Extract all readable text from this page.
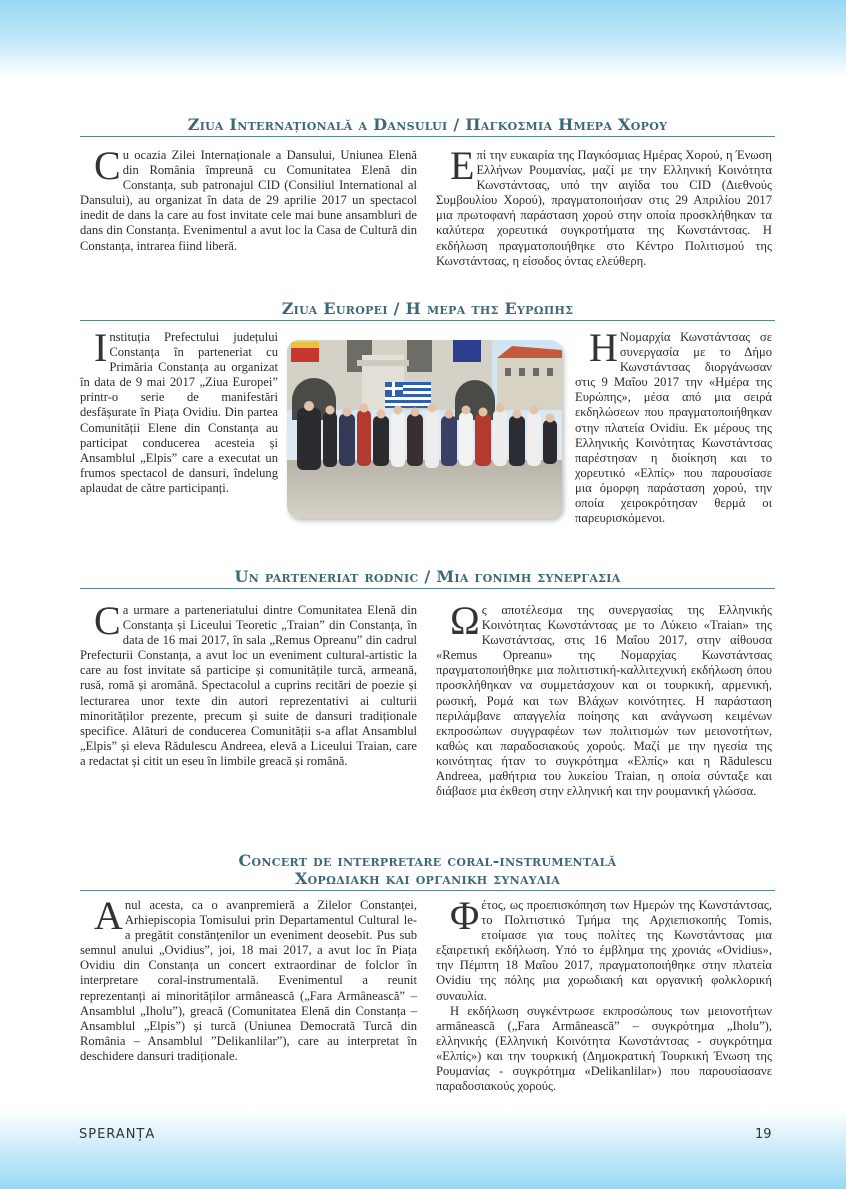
Ziua Internațională a Dansului / Παγκοσμια Ημερα Χορου

Cu ocazia Zilei Internaționale a Dansului, Uniunea Elenă din România împreună cu Comunitatea Elenă din Constanța, sub patronajul CID (Consiliul International al Dansului), au organizat în data de 29 aprilie 2017 un spectacol inedit de dans la care au fost invitate cele mai bune ansambluri de dans din Constanța. Evenimentul a avut loc la Casa de Cultură din Constanța, intrarea fiind liberă.

Eπί την ευκαιρία της Παγκόσμιας Ημέρας Χορού, η Ένωση Ελλήνων Ρουμανίας, μαζί με την Ελληνική Κοινότητα Κωνστάντσας, υπό την αιγίδα του CID (Διεθνούς Συμβουλίου Χορού), πραγματοποιήσαν στις 29 Απριλίου 2017 μια πρωτοφανή παράσταση χορού στην οποία προσκλήθηκαν τα καλύτερα χορευτικά συγκροτήματα της Κωνστάντσας. Η εκδήλωση πραγματοποιήθηκε στο Κέντρο Πολιτισμού της Κωνστάντσας, η είσοδος όντας ελεύθερη.

Ziua Europei / Η μερα της Ευρωπης

Instituția Prefectului județului Constanța în parteneriat cu Primăria Constanța au organizat în data de 9 mai 2017 „Ziua Europei” printr-o serie de manifestări desfășurate în Piața Ovidiu. Din partea Comunității Elene din Constanța au participat conducerea acesteia și Ansamblul „Elpis” care a executat un frumos spectacol de dansuri, îndelung aplaudat de către participanți.

Η Νομαρχία Κωνστάντσας σε συνεργασία με το Δήμο Κωνστάντσας διοργάνωσαν στις 9 Μαΐου 2017 την «Ημέρα της Ευρώπης», μέσα από μια σειρά εκδηλώσεων που πραγματοποιήθηκαν στην πλατεία Ovidiu. Εκ μέρους της Ελληνικής Κοινότητας Κωνστάντσας παρέστησαν η διοίκηση και το χορευτικό «Ελπίς» που παρουσίασε μια όμορφη παράσταση χορού, την οποία χειροκρότησαν θερμά οι παρευρισκόμενοι.

Un parteneriat rodnic / Μια γονιμη συνεργασια

Ca urmare a parteneriatului dintre Comunitatea Elenă din Constanța și Liceului Teoretic „Traian” din Constanța, în data de 16 mai 2017, în sala „Remus Opreanu” din cadrul Prefecturii Constanța, a avut loc un eveniment cultural-artistic la care au fost invitate să participe și comunitățile turcă, armeană, rusă, romă și aromână. Spectacolul a cuprins recitări de poezie și lecturarea unor texte din autori reprezentativi ai culturii minorităților prezente, precum și suite de dansuri tradiționale specifice. Alături de conducerea Comunității s-a aflat Ansamblul „Elpis” și eleva Rădulescu Andreea, elevă a Liceului Traian, care a redactat și citit un eseu în limbile greacă și română.

Ως αποτέλεσμα της συνεργασίας της Ελληνικής Κοινότητας Κωνστάντσας με το Λύκειο «Traian» της Κωνστάντσας, στις 16 Μαΐου 2017, στην αίθουσα «Remus Opreanu» της Νομαρχίας Κωνστάντσας πραγματοποιήθηκε μια πολιτιστική-καλλιτεχνική εκδήλωση όπου προσκλήθηκαν να συμμετάσχουν και οι τουρκική, αρμενική, ρωσική, Ρομά και των Βλάχων κοινότητες. Η παράσταση περιλάμβανε απαγγελία ποίησης και ανάγνωση κειμένων εκπροσώπων συγγραφέων των πολιτισμών των μειονοτήτων, καθώς και παραδοσιακούς χορούς. Μαζί με την ηγεσία της κοινότητας ήταν το συγκρότημα «Ελπίς» και η Rădulescu Andreea, μαθήτρια του λυκείου Traian, η οποία σύνταξε και διάβασε μια έκθεση στην ελληνική και την ρουμανική γλώσσα.

Concert de interpretare coral-instrumentală
Χορωδιακη και οργανικη συναυλια

Anul acesta, ca o avanpremieră a Zilelor Constanței, Arhiepiscopia Tomisului prin Departamentul Cultural le-a pregătit constănțenilor un eveniment deosebit. Pus sub semnul anului „Ovidius”, joi, 18 mai 2017, a avut loc în Piața Ovidiu din Constanța un concert extraordinar de folclor în interpretare coral-instrumentală. Evenimentul a reunit reprezentanți ai minorităților armânească („Fara Armânească” – Ansamblul „Iholu”), greacă (Comunitatea Elenă din Constanța – Ansamblul „Elpis”) și turcă (Uniunea Democrată Turcă din România – Ansamblul ”Delikanlilar”), care au interpretat în deschidere dansuri tradiționale.

Φέτος, ως προεπισκόπηση των Ημερών της Κωνστάντσας, το Πολιτιστικό Τμήμα της Αρχιεπισκοπής Tomis, ετοίμασε για τους πολίτες της Κωνστάντσας μια εξαιρετική εκδήλωση. Υπό το έμβλημα της χρονιάς «Ovidius», την Πέμπτη 18 Μαΐου 2017, πραγματοποιήθηκε στην πλατεία Ovidiu της πόλης μια χορωδιακή και οργανική φολκλορική συναυλία.

Η εκδήλωση συγκέντρωσε εκπροσώπους των μειονοτήτων armânească („Fara Armânească” – συγκρότημα „Iholu”), ελληνικής (Ελληνική Κοινότητα Κωνστάντσας - συγκρότημα «Ελπίς») και την τουρκική (Δημοκρατική Τουρκική Ένωση της Ρουμανίας - συγκρότημα «Delikanlilar») που παρουσίασανε παραδοσιακούς χορούς.

SPERANȚA	19
